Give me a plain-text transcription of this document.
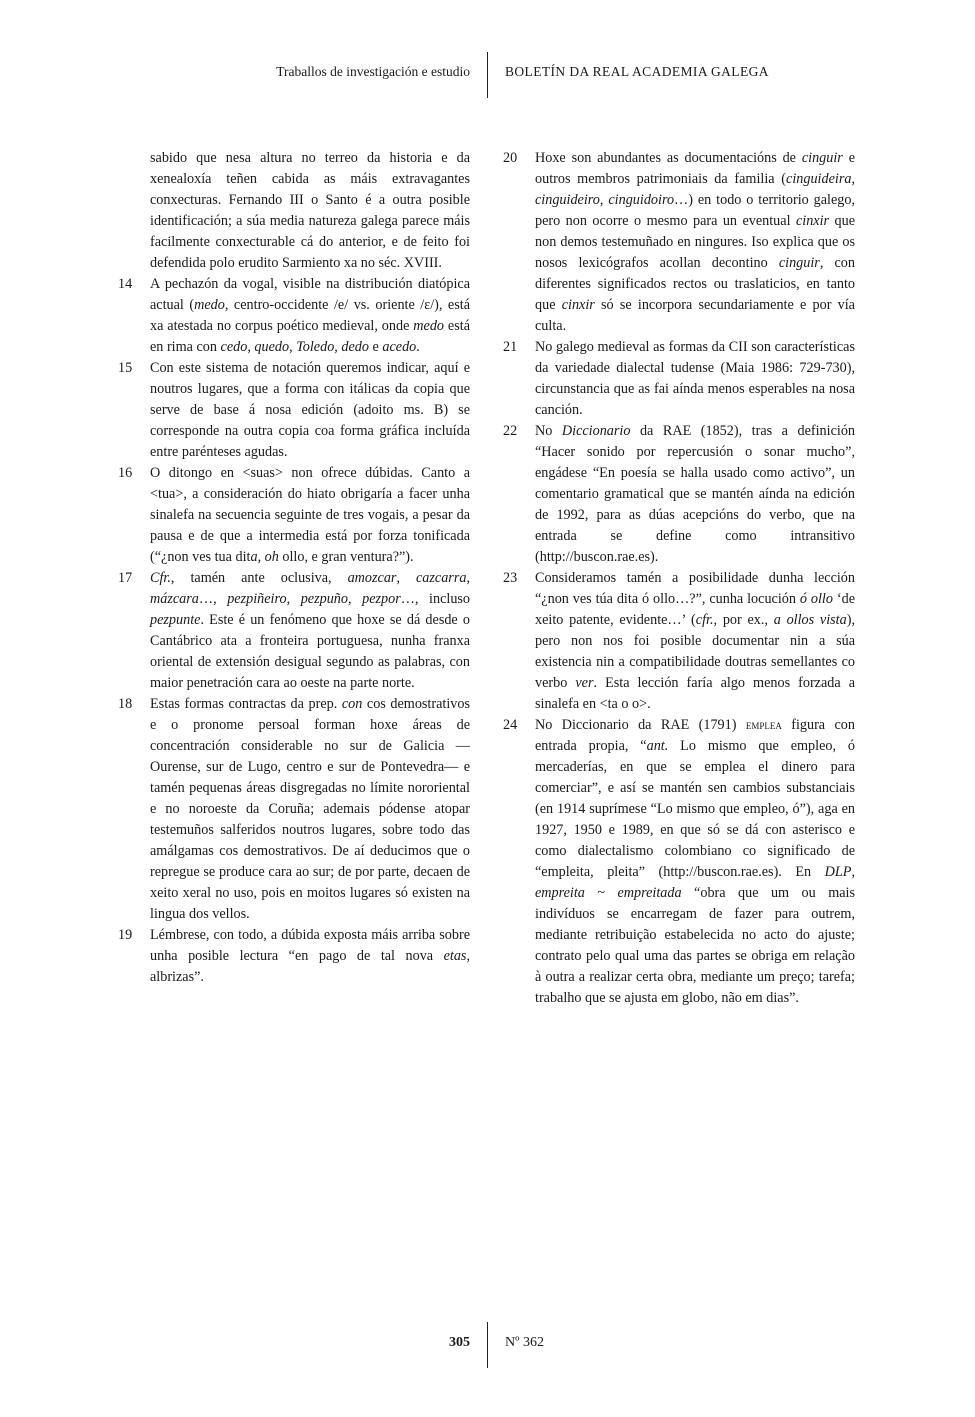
Traballos de investigación e estudio	BOLETÍN DA REAL ACADEMIA GALEGA
sabido que nesa altura no terreo da historia e da xenealoxía teñen cabida as máis extravagantes conxecturas. Fernando III o Santo é a outra posible identificación; a súa media natureza galega parece máis facilmente conxecturable cá do anterior, e de feito foi defendida polo erudito Sarmiento xa no séc. XVIII.
14 A pechazón da vogal, visible na distribución diatópica actual (medo, centro-occidente /e/ vs. oriente /ɛ/), está xa atestada no corpus poético medieval, onde medo está en rima con cedo, quedo, Toledo, dedo e acedo.
15 Con este sistema de notación queremos indicar, aquí e noutros lugares, que a forma con itálicas da copia que serve de base á nosa edición (adoito ms. B) se corresponde na outra copia coa forma gráfica incluída entre parénteses agudas.
16 O ditongo en <suas> non ofrece dúbidas. Canto a <tua>, a consideración do hiato obrigaría a facer unha sinalefa na secuencia seguinte de tres vogais, a pesar da pausa e de que a intermedia está por forza tonificada (“¿non ves tua dita, oh ollo, e gran ventura?”).
17 Cfr., tamén ante oclusiva, amozcar, cazcarra, mázcara…, pezpiñeiro, pezpuño, pezpor…, incluso pezpunte. Este é un fenómeno que hoxe se dá desde o Cantábrico ata a fronteira portuguesa, nunha franxa oriental de extensión desigual segundo as palabras, con maior penetración cara ao oeste na parte norte.
18 Estas formas contractas da prep. con cos demostrativos e o pronome persoal forman hoxe áreas de concentración considerable no sur de Galicia —Ourense, sur de Lugo, centro e sur de Pontevedra— e tamén pequenas áreas disgregadas no límite nororiental e no noroeste da Coruña; ademais pódense atopar testemuños salferidos noutros lugares, sobre todo das amálgamas cos demostrativos. De aí deducimos que o repregue se produce cara ao sur; de por parte, decaen de xeito xeral no uso, pois en moitos lugares só existen na lingua dos vellos.
19 Lémbrese, con todo, a dúbida exposta máis arriba sobre unha posible lectura “en pago de tal nova etas, albrizas”.
20 Hoxe son abundantes as documentacións de cinguir e outros membros patrimoniais da familia (cinguideira, cinguideiro, cinguidoiro…) en todo o territorio galego, pero non ocorre o mesmo para un eventual cinxir que non demos testemuñado en ningures. Iso explica que os nosos lexicógrafos acollan decontino cinguir, con diferentes significados rectos ou traslaticios, en tanto que cinxir só se incorpora secundariamente e por vía culta.
21 No galego medieval as formas da CII son características da variedade dialectal tudense (Maia 1986: 729-730), circunstancia que as fai aínda menos esperables na nosa canción.
22 No Diccionario da RAE (1852), tras a definición “Hacer sonido por repercusión o sonar mucho”, engádese “En poesía se halla usado como activo”, un comentario gramatical que se mantén aínda na edición de 1992, para as dúas acepcións do verbo, que na entrada se define como intransitivo (http://buscon.rae.es).
23 Consideramos tamén a posibilidade dunha lección “¿non ves túa dita ó ollo…?”, cunha locución ó ollo ‘de xeito patente, evidente…’ (cfr., por ex., a ollos vista), pero non nos foi posible documentar nin a súa existencia nin a compatibilidade doutras semellantes co verbo ver. Esta lección faría algo menos forzada a sinalefa en <ta o o>.
24 No Diccionario da RAE (1791) emplea figura con entrada propia, “ant. Lo mismo que empleo, ó mercaderías, en que se emplea el dinero para comerciar”, e así se mantén sen cambios substanciais (en 1914 suprímese “Lo mismo que empleo, ó”), aga en 1927, 1950 e 1989, en que só se dá con asterisco e como dialectalismo colombiano co significado de “empleita, pleita” (http://buscon.rae.es). En DLP, empreita ~ empreitada “obra que um ou mais indivíduos se encarregam de fazer para outrem, mediante retribuição estabelecida no acto do ajuste; contrato pelo qual uma das partes se obriga em relação à outra a realizar certa obra, mediante um preço; tarefa; trabalho que se ajusta em globo, não em dias”.
305	Nº 362
